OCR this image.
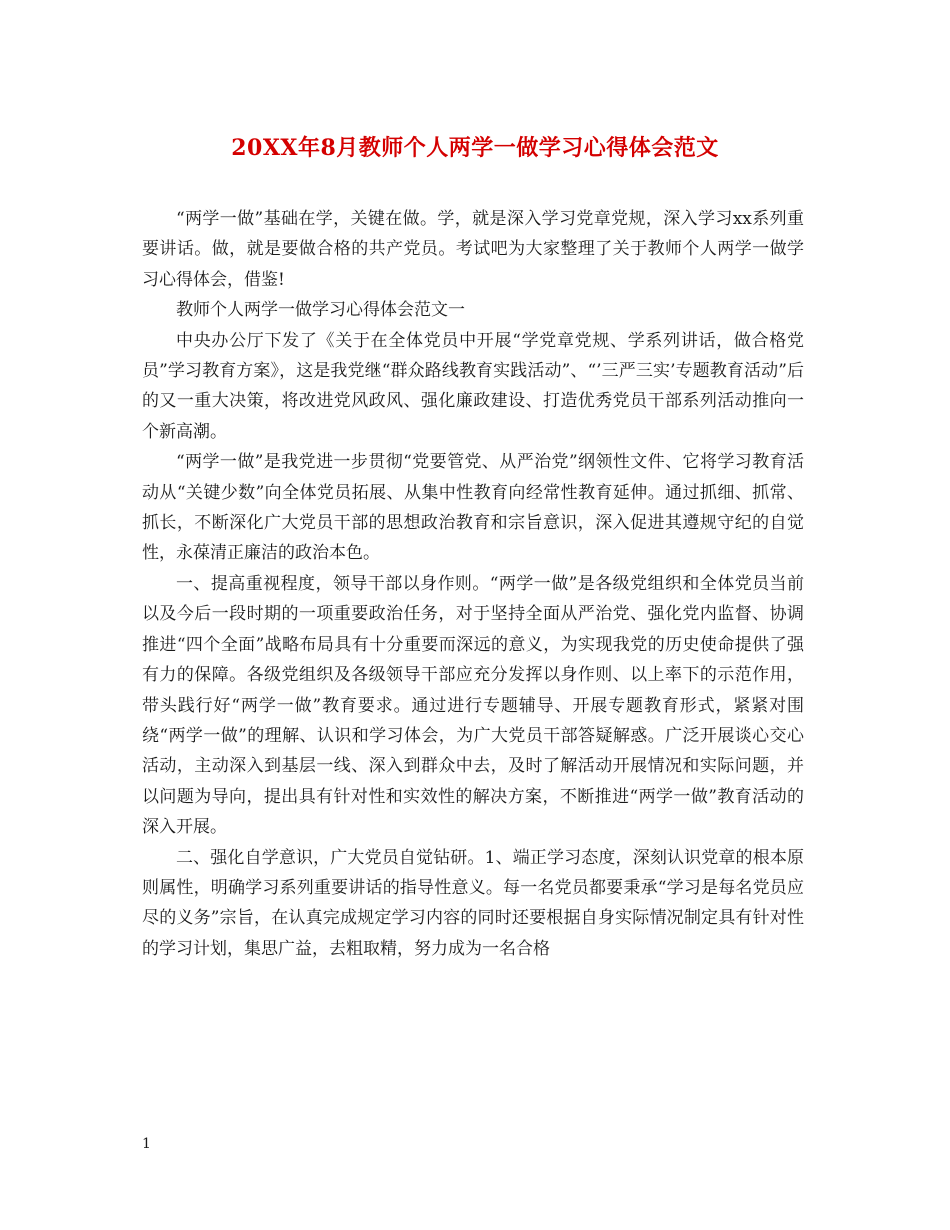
20XX年8月教师个人两学一做学习心得体会范文

“两学一做”基础在学，关键在做。学，就是深入学习党章党规，深入学习xx系列重要讲话。做，就是要做合格的共产党员。考试吧为大家整理了关于教师个人两学一做学习心得体会，借鉴!

教师个人两学一做学习心得体会范文一

中央办公厅下发了《关于在全体党员中开展“学党章党规、学系列讲话，做合格党员”学习教育方案》，这是我党继“群众路线教育实践活动”、“’三严三实’专题教育活动”后的又一重大决策，将改进党风政风、强化廉政建设、打造优秀党员干部系列活动推向一个新高潮。

“两学一做”是我党进一步贯彻“党要管党、从严治党”纲领性文件、它将学习教育活动从“关键少数”向全体党员拓展、从集中性教育向经常性教育延伸。通过抓细、抓常、抓长，不断深化广大党员干部的思想政治教育和宗旨意识，深入促进其遵规守纪的自觉性，永葆清正廉洁的政治本色。

一、提高重视程度，领导干部以身作则。“两学一做”是各级党组织和全体党员当前以及今后一段时期的一项重要政治任务，对于坚持全面从严治党、强化党内监督、协调推进“四个全面”战略布局具有十分重要而深远的意义，为实现我党的历史使命提供了强有力的保障。各级党组织及各级领导干部应充分发挥以身作则、以上率下的示范作用，带头践行好“两学一做”教育要求。通过进行专题辅导、开展专题教育形式，紧紧对围绕“两学一做”的理解、认识和学习体会，为广大党员干部答疑解惑。广泛开展谈心交心活动，主动深入到基层一线、深入到群众中去，及时了解活动开展情况和实际问题，并以问题为导向，提出具有针对性和实效性的解决方案，不断推进“两学一做”教育活动的深入开展。

二、强化自学意识，广大党员自觉钻研。1、端正学习态度，深刻认识党章的根本原则属性，明确学习系列重要讲话的指导性意义。每一名党员都要秉承“学习是每名党员应尽的义务”宗旨，在认真完成规定学习内容的同时还要根据自身实际情况制定具有针对性的学习计划，集思广益，去粗取精，努力成为一名合格

1
